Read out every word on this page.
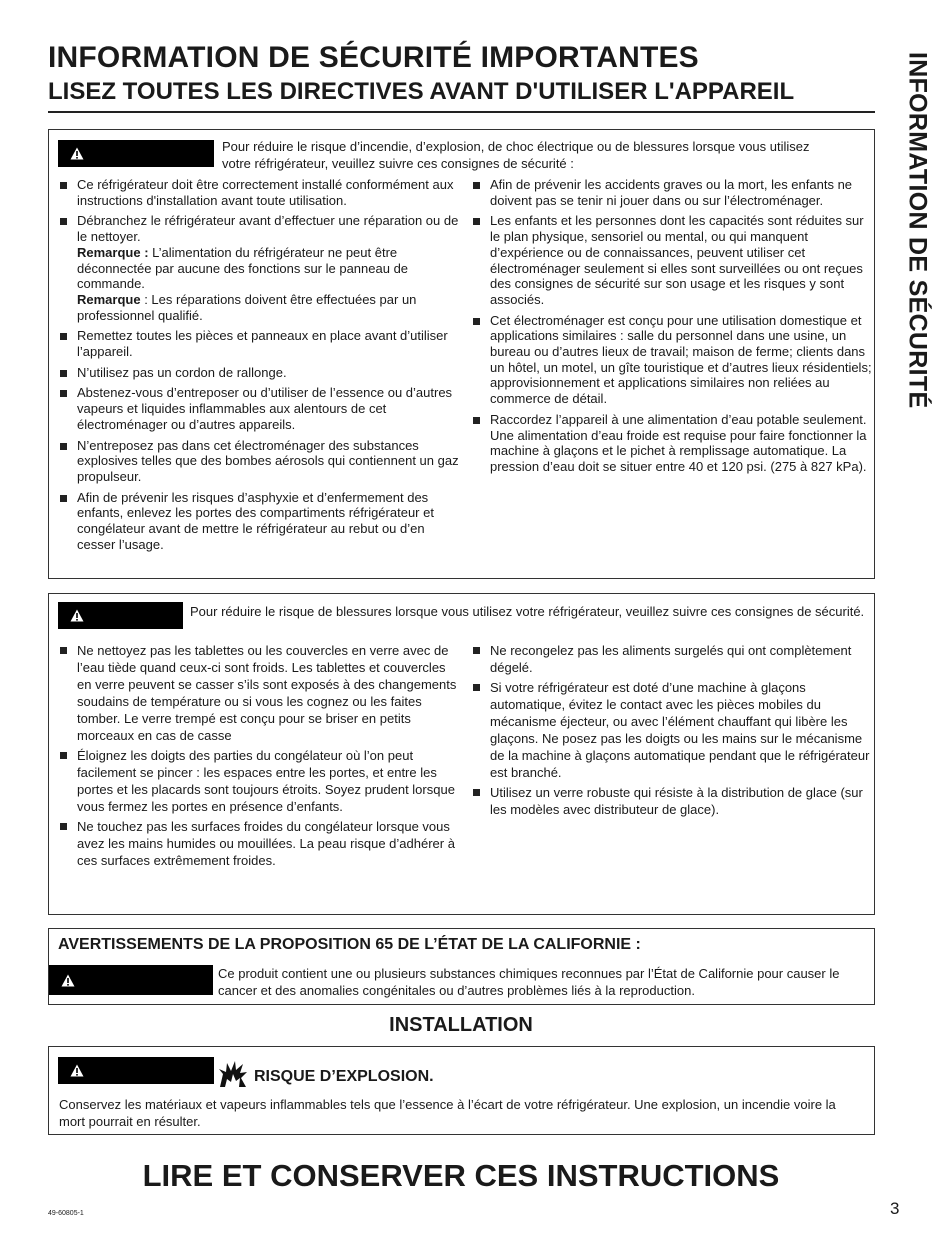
INFORMATION DE SÉCURITÉ IMPORTANTES
LISEZ TOUTES LES DIRECTIVES AVANT D'UTILISER L'APPAREIL	INFORMATION DE SÉCURITÉ
Pour réduire le risque d’incendie, d’explosion, de choc électrique ou de blessures lorsque vous utilisez votre réfrigérateur, veuillez suivre ces consignes de sécurité :
Ce réfrigérateur doit être correctement installé conformément aux instructions d'installation avant toute utilisation.
Débranchez le réfrigérateur avant d’effectuer une réparation ou de le nettoyer.
Remarque : L’alimentation du réfrigérateur ne peut être déconnectée par aucune des fonctions sur le panneau de commande.
Remarque : Les réparations doivent être effectuées par un professionnel qualifié.
Remettez toutes les pièces et panneaux en place avant d’utiliser l’appareil.
N’utilisez pas un cordon de rallonge.
Abstenez-vous d’entreposer ou d’utiliser de l’essence ou d’autres vapeurs et liquides inflammables aux alentours de cet électroménager ou d’autres appareils.
N’entreposez pas dans cet électroménager des substances explosives telles que des bombes aérosols qui contiennent un gaz propulseur.
Afin de prévenir les risques d’asphyxie et d’enfermement des enfants, enlevez les portes des compartiments réfrigérateur et congélateur avant de mettre le réfrigérateur au rebut ou d’en cesser l’usage.
Afin de prévenir les accidents graves ou la mort, les enfants ne doivent pas se tenir ni jouer dans ou sur l’électroménager.
Les enfants et les personnes dont les capacités sont réduites sur le plan physique, sensoriel ou mental, ou qui manquent d’expérience ou de connaissances, peuvent utiliser cet électroménager seulement si elles sont surveillées ou ont reçues des consignes de sécurité sur son usage et les risques y sont associés.
Cet électroménager est conçu pour une utilisation domestique et applications similaires : salle du personnel dans une usine, un bureau ou d’autres lieux de travail; maison de ferme; clients dans un hôtel, un motel, un gîte touristique et d’autres lieux résidentiels; approvisionnement et applications similaires non reliées au commerce de détail.
Raccordez l’appareil à une alimentation d’eau potable seulement. Une alimentation d’eau froide est requise pour faire fonctionner la machine à glaçons et le pichet à remplissage automatique. La pression d’eau doit se situer entre 40 et 120 psi. (275 à 827 kPa).
Pour réduire le risque de blessures lorsque vous utilisez votre réfrigérateur, veuillez suivre ces consignes de sécurité.
Ne nettoyez pas les tablettes ou les couvercles en verre avec de l’eau tiède quand ceux-ci sont froids. Les tablettes et couvercles en verre peuvent se casser s’ils sont exposés à des changements soudains de température ou si vous les cognez ou les faites tomber. Le verre trempé est conçu pour se briser en petits morceaux en cas de casse
Éloignez les doigts des parties du congélateur où l’on peut facilement se pincer : les espaces entre les portes, et entre les portes et les placards sont toujours étroits. Soyez prudent lorsque vous fermez les portes en présence d’enfants.
Ne touchez pas les surfaces froides du congélateur lorsque vous avez les mains humides ou mouillées. La peau risque d’adhérer à ces surfaces extrêmement froides.
Ne recongelez pas les aliments surgelés qui ont complètement dégelé.
Si votre réfrigérateur est doté d’une machine à glaçons automatique, évitez le contact avec les pièces mobiles du mécanisme éjecteur, ou avec l’élément chauffant qui libère les glaçons. Ne posez pas les doigts ou les mains sur le mécanisme de la machine à glaçons automatique pendant que le réfrigérateur est branché.
Utilisez un verre robuste qui résiste à la distribution de glace (sur les modèles avec distributeur de glace).
Ce produit contient une ou plusieurs substances chimiques reconnues par l’État de Californie pour causer le cancer et des anomalies congénitales ou d’autres problèmes liés à la reproduction.
AVERTISSEMENTS DE LA PROPOSITION 65 DE L’ÉTAT DE LA CALIFORNIE :
INSTALLATION
Conservez les matériaux et vapeurs inflammables tels que l’essence à l’écart de votre réfrigérateur. Une explosion, un incendie voire la mort pourrait en résulter.
RISQUE D’EXPLOSION.
LIRE ET CONSERVER CES INSTRUCTIONS
49-60805-1	3
